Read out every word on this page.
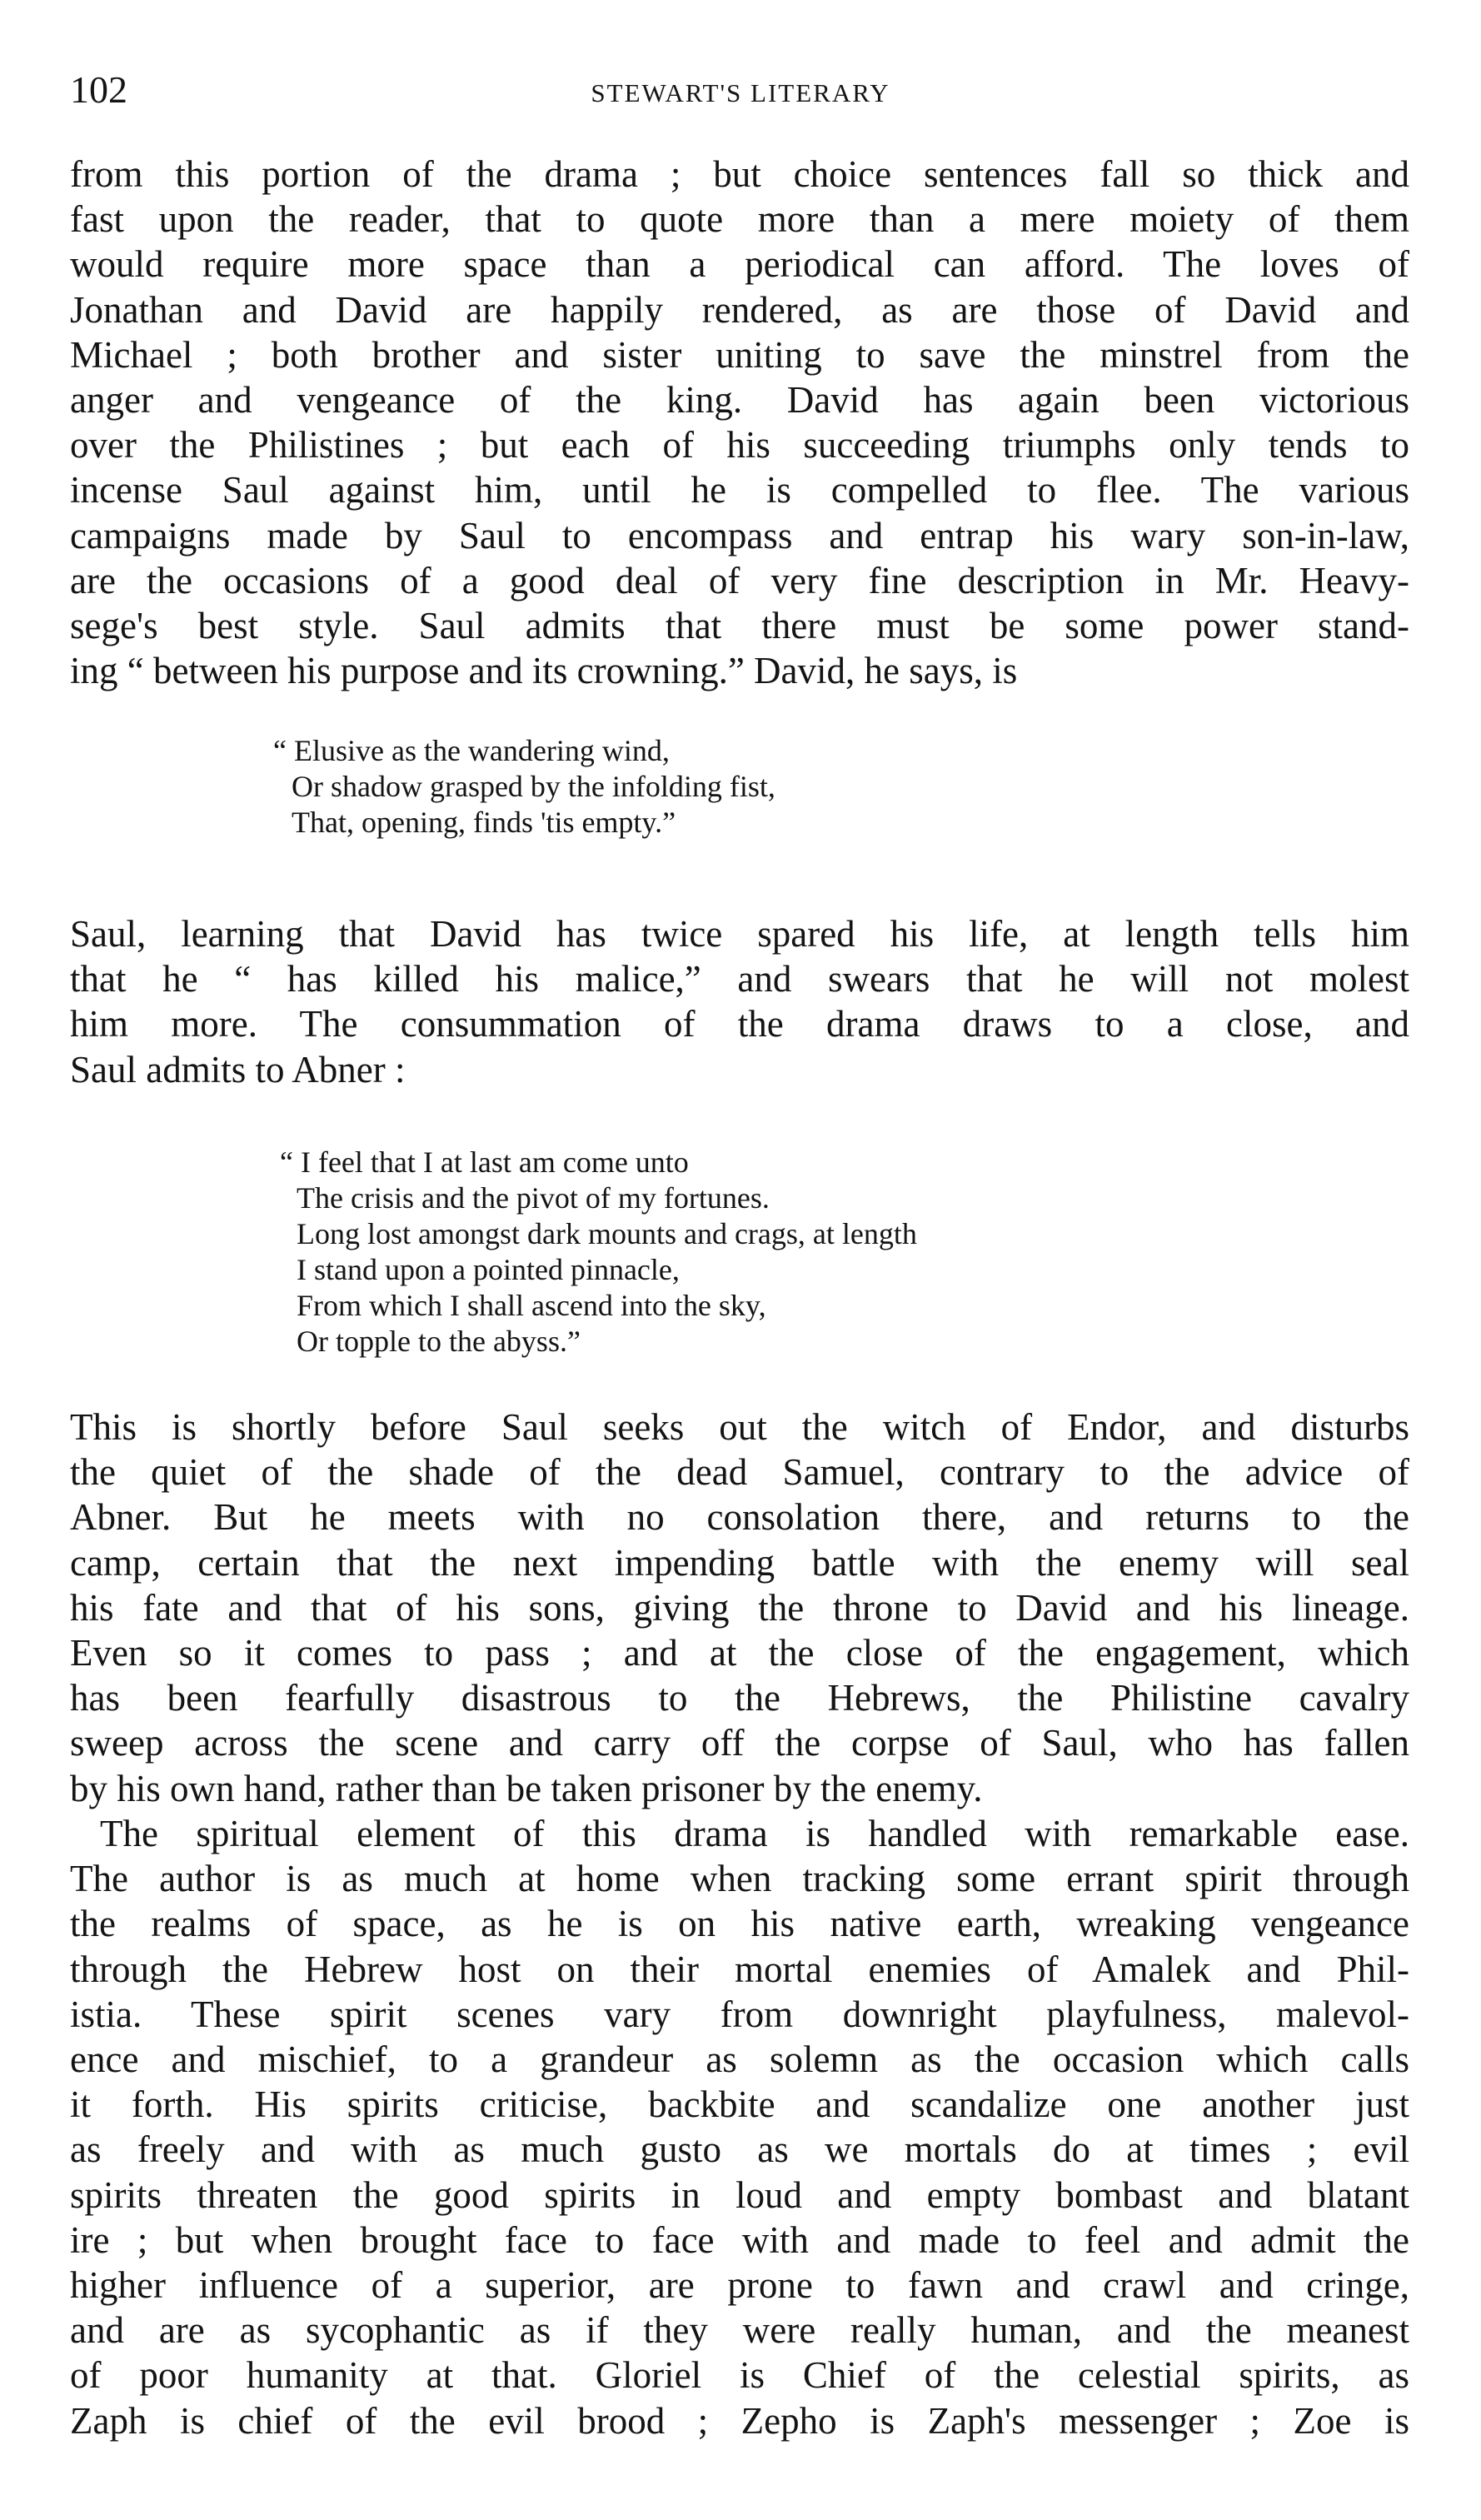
102	STEWART'S LITERARY
from this portion of the drama ; but choice sentences fall so thick and
fast upon the reader, that to quote more than a mere moiety of them
would require more space than a periodical can afford. The loves of
Jonathan and David are happily rendered, as are those of David and
Michael ; both brother and sister uniting to save the minstrel from the
anger and vengeance of the king. David has again been victorious
over the Philistines ; but each of his succeeding triumphs only tends to
incense Saul against him, until he is compelled to flee. The various
campaigns made by Saul to encompass and entrap his wary son-in-law,
are the occasions of a good deal of very fine description in Mr. Heavy-
sege's best style. Saul admits that there must be some power stand-
ing “ between his purpose and its crowning.” David, he says, is
“ Elusive as the wandering wind,
Or shadow grasped by the infolding fist,
That, opening, finds 'tis empty.”
Saul, learning that David has twice spared his life, at length tells him
that he “ has killed his malice,” and swears that he will not molest
him more. The consummation of the drama draws to a close, and
Saul admits to Abner :
“ I feel that I at last am come unto
The crisis and the pivot of my fortunes.
Long lost amongst dark mounts and crags, at length
I stand upon a pointed pinnacle,
From which I shall ascend into the sky,
Or topple to the abyss.”
This is shortly before Saul seeks out the witch of Endor, and disturbs
the quiet of the shade of the dead Samuel, contrary to the advice of
Abner. But he meets with no consolation there, and returns to the
camp, certain that the next impending battle with the enemy will seal
his fate and that of his sons, giving the throne to David and his lineage.
Even so it comes to pass ; and at the close of the engagement, which
has been fearfully disastrous to the Hebrews, the Philistine cavalry
sweep across the scene and carry off the corpse of Saul, who has fallen
by his own hand, rather than be taken prisoner by the enemy.
The spiritual element of this drama is handled with remarkable ease.
The author is as much at home when tracking some errant spirit through
the realms of space, as he is on his native earth, wreaking vengeance
through the Hebrew host on their mortal enemies of Amalek and Phil-
istia. These spirit scenes vary from downright playfulness, malevol-
ence and mischief, to a grandeur as solemn as the occasion which calls
it forth. His spirits criticise, backbite and scandalize one another just
as freely and with as much gusto as we mortals do at times ; evil
spirits threaten the good spirits in loud and empty bombast and blatant
ire ; but when brought face to face with and made to feel and admit the
higher influence of a superior, are prone to fawn and crawl and cringe,
and are as sycophantic as if they were really human, and the meanest
of poor humanity at that. Gloriel is Chief of the celestial spirits, as
Zaph is chief of the evil brood ; Zepho is Zaph's messenger ; Zoe is
